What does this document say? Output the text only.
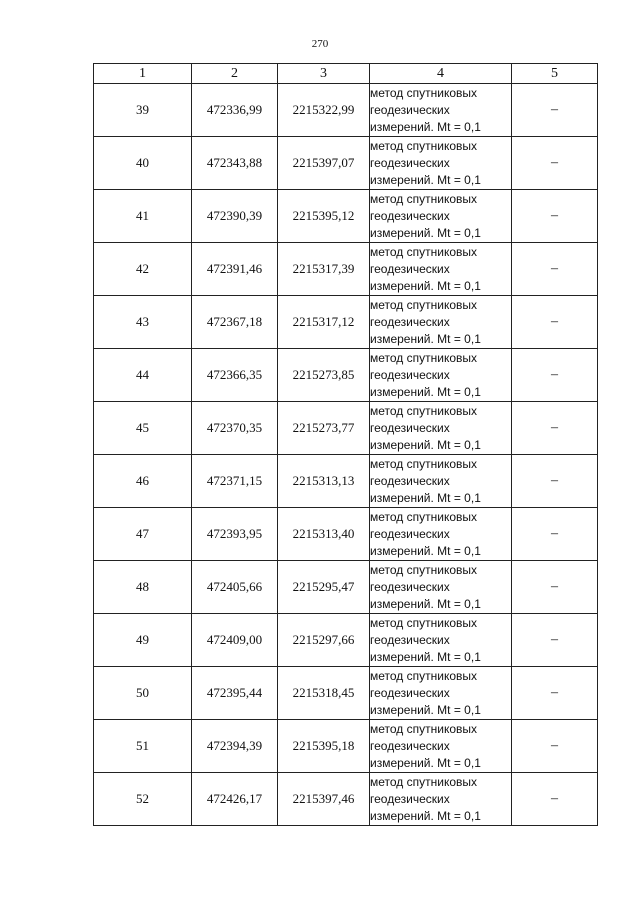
270
1	2	3	4	5
39	472336,99	2215322,99	метод спутниковых
геодезических
измерений. Mt = 0,1	–
40	472343,88	2215397,07	метод спутниковых
геодезических
измерений. Mt = 0,1	–
41	472390,39	2215395,12	метод спутниковых
геодезических
измерений. Mt = 0,1	–
42	472391,46	2215317,39	метод спутниковых
геодезических
измерений. Mt = 0,1	–
43	472367,18	2215317,12	метод спутниковых
геодезических
измерений. Mt = 0,1	–
44	472366,35	2215273,85	метод спутниковых
геодезических
измерений. Mt = 0,1	–
45	472370,35	2215273,77	метод спутниковых
геодезических
измерений. Mt = 0,1	–
46	472371,15	2215313,13	метод спутниковых
геодезических
измерений. Mt = 0,1	–
47	472393,95	2215313,40	метод спутниковых
геодезических
измерений. Mt = 0,1	–
48	472405,66	2215295,47	метод спутниковых
геодезических
измерений. Mt = 0,1	–
49	472409,00	2215297,66	метод спутниковых
геодезических
измерений. Mt = 0,1	–
50	472395,44	2215318,45	метод спутниковых
геодезических
измерений. Mt = 0,1	–
51	472394,39	2215395,18	метод спутниковых
геодезических
измерений. Mt = 0,1	–
52	472426,17	2215397,46	метод спутниковых
геодезических
измерений. Mt = 0,1	–
